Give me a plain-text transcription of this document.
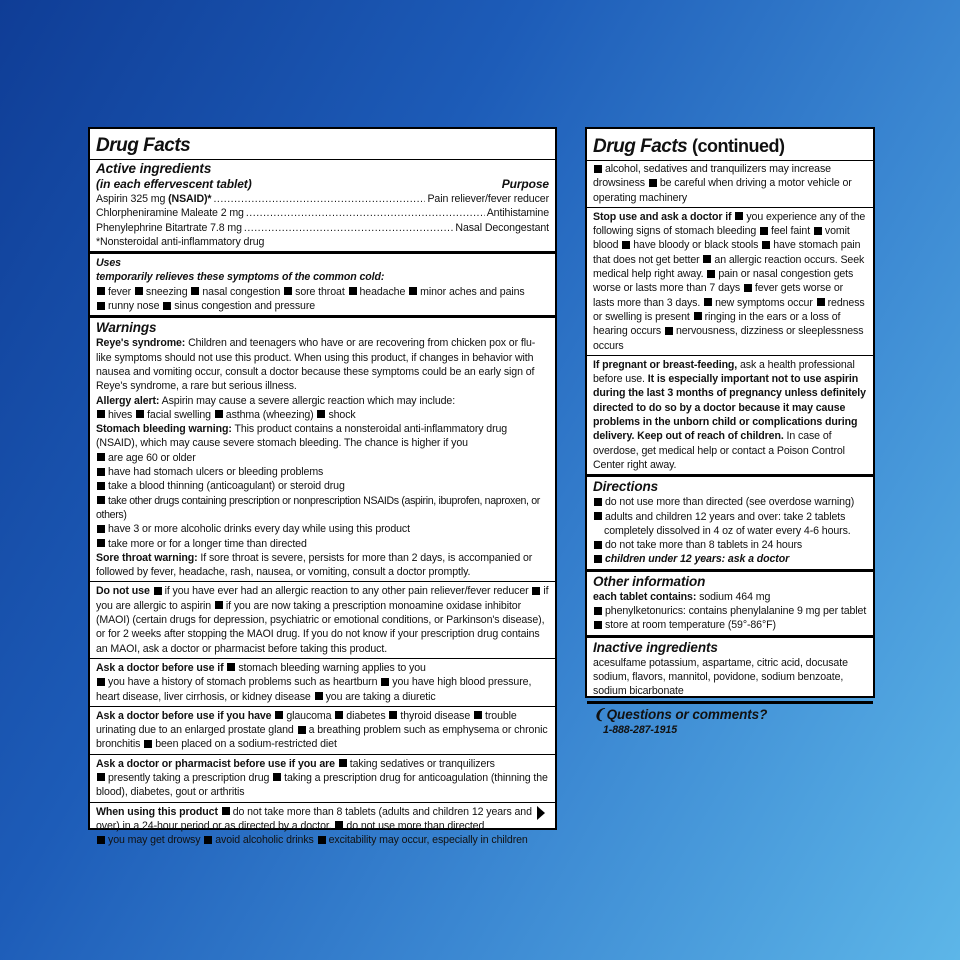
Drug Facts
Active ingredients
(in each effervescent tablet)	Purpose
Aspirin 325 mg (NSAID)* .....	Pain reliever/fever reducer
Chlorpheniramine Maleate 2 mg .....	Antihistamine
Phenylephrine Bitartrate 7.8 mg .....	Nasal Decongestant
*Nonsteroidal anti-inflammatory drug
Uses
temporarily relieves these symptoms of the common cold:
fever sneezing nasal congestion sore throat headache minor aches and pains
runny nose sinus congestion and pressure
Warnings
Reye's syndrome: Children and teenagers who have or are recovering from chicken pox or flu-like symptoms should not use this product. When using this product, if changes in behavior with nausea and vomiting occur, consult a doctor because these symptoms could be an early sign of Reye's syndrome, a rare but serious illness.
Allergy alert: Aspirin may cause a severe allergic reaction which may include:
hives facial swelling asthma (wheezing) shock
Stomach bleeding warning: This product contains a nonsteroidal anti-inflammatory drug (NSAID), which may cause severe stomach bleeding. The chance is higher if you
are age 60 or older
have had stomach ulcers or bleeding problems
take a blood thinning (anticoagulant) or steroid drug
take other drugs containing prescription or nonprescription NSAIDs (aspirin, ibuprofen, naproxen, or others)
have 3 or more alcoholic drinks every day while using this product
take more or for a longer time than directed
Sore throat warning: If sore throat is severe, persists for more than 2 days, is accompanied or followed by fever, headache, rash, nausea, or vomiting, consult a doctor promptly.
Do not use if you have ever had an allergic reaction to any other pain reliever/fever reducer if you are allergic to aspirin if you are now taking a prescription monoamine oxidase inhibitor (MAOI) (certain drugs for depression, psychiatric or emotional conditions, or Parkinson's disease), or for 2 weeks after stopping the MAOI drug. If you do not know if your prescription drug contains an MAOI, ask a doctor or pharmacist before taking this product.
Ask a doctor before use if stomach bleeding warning applies to you
you have a history of stomach problems such as heartburn you have high blood pressure, heart disease, liver cirrhosis, or kidney disease you are taking a diuretic
Ask a doctor before use if you have glaucoma diabetes thyroid disease trouble urinating due to an enlarged prostate gland a breathing problem such as emphysema or chronic bronchitis been placed on a sodium-restricted diet
Ask a doctor or pharmacist before use if you are taking sedatives or tranquilizers
presently taking a prescription drug taking a prescription drug for anticoagulation (thinning the blood), diabetes, gout or arthritis
When using this product do not take more than 8 tablets (adults and children 12 years and over) in a 24-hour period or as directed by a doctor. do not use more than directed
you may get drowsy avoid alcoholic drinks excitability may occur, especially in children
Drug Facts (continued)
alcohol, sedatives and tranquilizers may increase drowsiness be careful when driving a motor vehicle or operating machinery
Stop use and ask a doctor if you experience any of the following signs of stomach bleeding feel faint vomit blood have bloody or black stools have stomach pain that does not get better an allergic reaction occurs. Seek medical help right away. pain or nasal congestion gets worse or lasts more than 7 days fever gets worse or lasts more than 3 days. new symptoms occur redness or swelling is present ringing in the ears or a loss of hearing occurs nervousness, dizziness or sleeplessness occurs
If pregnant or breast-feeding, ask a health professional before use. It is especially important not to use aspirin during the last 3 months of pregnancy unless definitely directed to do so by a doctor because it may cause problems in the unborn child or complications during delivery. Keep out of reach of children. In case of overdose, get medical help or contact a Poison Control Center right away.
Directions
do not use more than directed (see overdose warning)
adults and children 12 years and over: take 2 tablets completely dissolved in 4 oz of water every 4-6 hours.
do not take more than 8 tablets in 24 hours
children under 12 years: ask a doctor
Other information
each tablet contains: sodium 464 mg
phenylketonurics: contains phenylalanine 9 mg per tablet
store at room temperature (59°-86°F)
Inactive ingredients
acesulfame potassium, aspartame, citric acid, docusate sodium, flavors, mannitol, povidone, sodium benzoate, sodium bicarbonate
❨ Questions or comments?
1-888-287-1915
